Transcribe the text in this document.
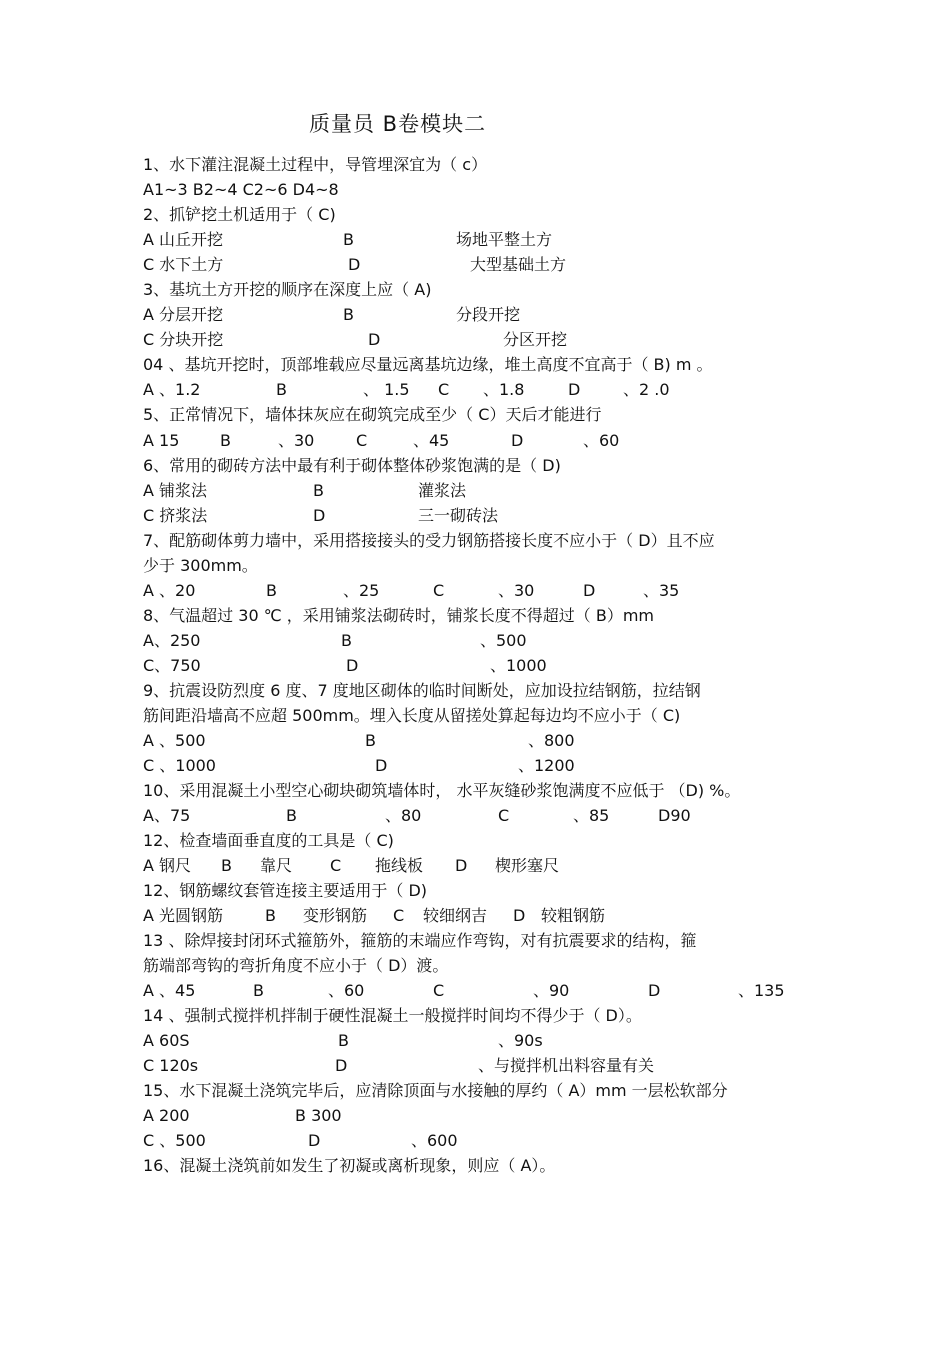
质量员 B卷模块二
1、水下灌注混凝土过程中，导管埋深宜为（ c）
A1~3 B2~4 C2~6 D4~8
2、抓铲挖土机适用于（ C)
A 山丘开挖	B	场地平整土方
C 水下土方	D	大型基础土方
3、基坑土方开挖的顺序在深度上应（ A)
A 分层开挖	B	分段开挖
C 分块开挖	D	分区开挖
04 、基坑开挖时，顶部堆载应尽量远离基坑边缘，堆土高度不宜高于（ B) m 。
A 、1.2	B	、 1.5 C 、1.8	D	、2 .0
5、正常情况下，墙体抹灰应在砌筑完成至少（ C）天后才能进行
A 15	B	、30	C	、45	D	、60
6、常用的砌砖方法中最有利于砌体整体砂浆饱满的是（ D)
A 铺浆法	B	灌浆法
C 挤浆法	D	三一砌砖法
7、配筋砌体剪力墙中，采用搭接接头的受力钢筋搭接长度不应小于（ D）且不应
少于 300mm。
A 、20	B	、25	C	、30	D	、35
8、气温超过 30 ℃ ，采用铺浆法砌砖时，铺浆长度不得超过（ B）mm
A、250	B	、500
C、750	D	、1000
9、抗震设防烈度 6 度、7 度地区砌体的临时间断处，应加设拉结钢筋，拉结钢
筋间距沿墙高不应超 500mm。埋入长度从留搓处算起每边均不应小于（ C)
A 、500	B	、800
C 、1000	D	、1200
10、采用混凝土小型空心砌块砌筑墙体时， 水平灰缝砂浆饱满度不应低于 （D) %。
A、75	B	、80	C	、85	D90
12、检查墙面垂直度的工具是（ C)
A 钢尺 B 靠尺 C 拖线板 D 楔形塞尺
12、钢筋螺纹套管连接主要适用于（ D)
A 光圆钢筋	B 变形钢筋 C 较细纲吉 D 较粗钢筋
13 、除焊接封闭环式箍筋外，箍筋的末端应作弯钩，对有抗震要求的结构，箍
筋端部弯钩的弯折角度不应小于（ D）渡。
A 、45	B	、60	C	、90	D	、135
14 、强制式搅拌机拌制于硬性混凝土一般搅拌时间均不得少于（ D）。
A 60S	B	、90s
C 120s	D	、与搅拌机出料容量有关
15、水下混凝土浇筑完毕后，应清除顶面与水接触的厚约（ A）mm 一层松软部分
A 200	B 300
C 、500	D	、600
16、混凝土浇筑前如发生了初凝或离析现象，则应（ A）。
